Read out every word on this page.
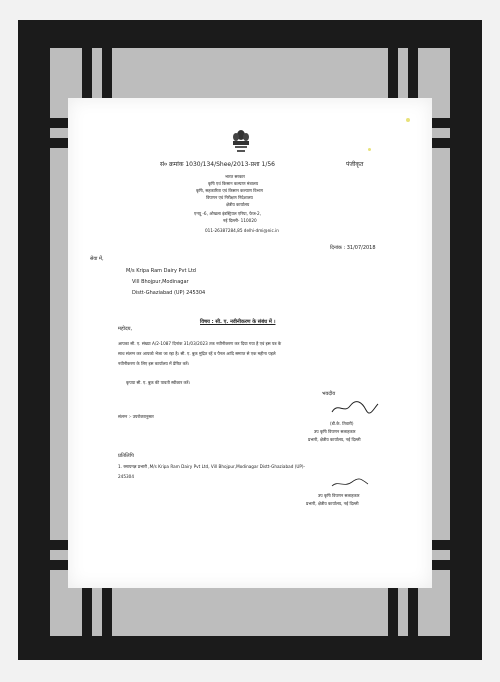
सं० क्रमांक 1030/134/Shee/2013-प्रशा 1/56	पंजीकृत
भारत सरकार
कृषि एवं किसान कल्याण मंत्रालय
कृषि, सहकारिता एवं किसान कल्याण विभाग
विपणन एवं निरीक्षण निदेशालय
क्षेत्रीय कार्यालय
एनयू -6, ओखला इंडस्ट्रियल एरिया, फेज-2,
नई दिल्ली- 110020
011-26387284,85 delhi-dmi@nic.in
दिनांक : 31/07/2018
सेवा में,
M/s Kripa Ram Dairy Pvt Ltd
Vill Bhojpur,Modinagar
Distt-Ghaziabad (UP) 245304
विषय : सी. ए. नवीनीकरण के संबंध में ।
महोदय,
आपका सी. ए. संख्या A/2-1087 दिनांक 31/03/2023 तक नवीनीकरण कर दिया गया है एवं इस पत्र के
साथ संलग्न कर आपको भेजा जा रहा है। सी. ए. बुक मुद्रित रहें व पैनल आदि समाप्त से एक महीना पहले
नवीनीकरण के लिए इस कार्यालय में प्रेषित करें।
कृपया सी. ए. बुक की पावती स्वीकार करें।
भवदीय
(डी.के. तिवारी)
उप कृषि विपणन सलाहकार
प्रभारी, क्षेत्रीय कार्यालय, नई दिल्ली
संलग्न :- उपरोक्तानुसार
प्रतिलिपि
1. रसायनज्ञ प्रभारी ,M/s Kripa Ram Dairy Pvt Ltd, Vill Bhojpur,Modinagar Distt-Ghaziabad (UP)-
245304
उप कृषि विपणन सलाहकार
प्रभारी, क्षेत्रीय कार्यालय, नई दिल्ली
